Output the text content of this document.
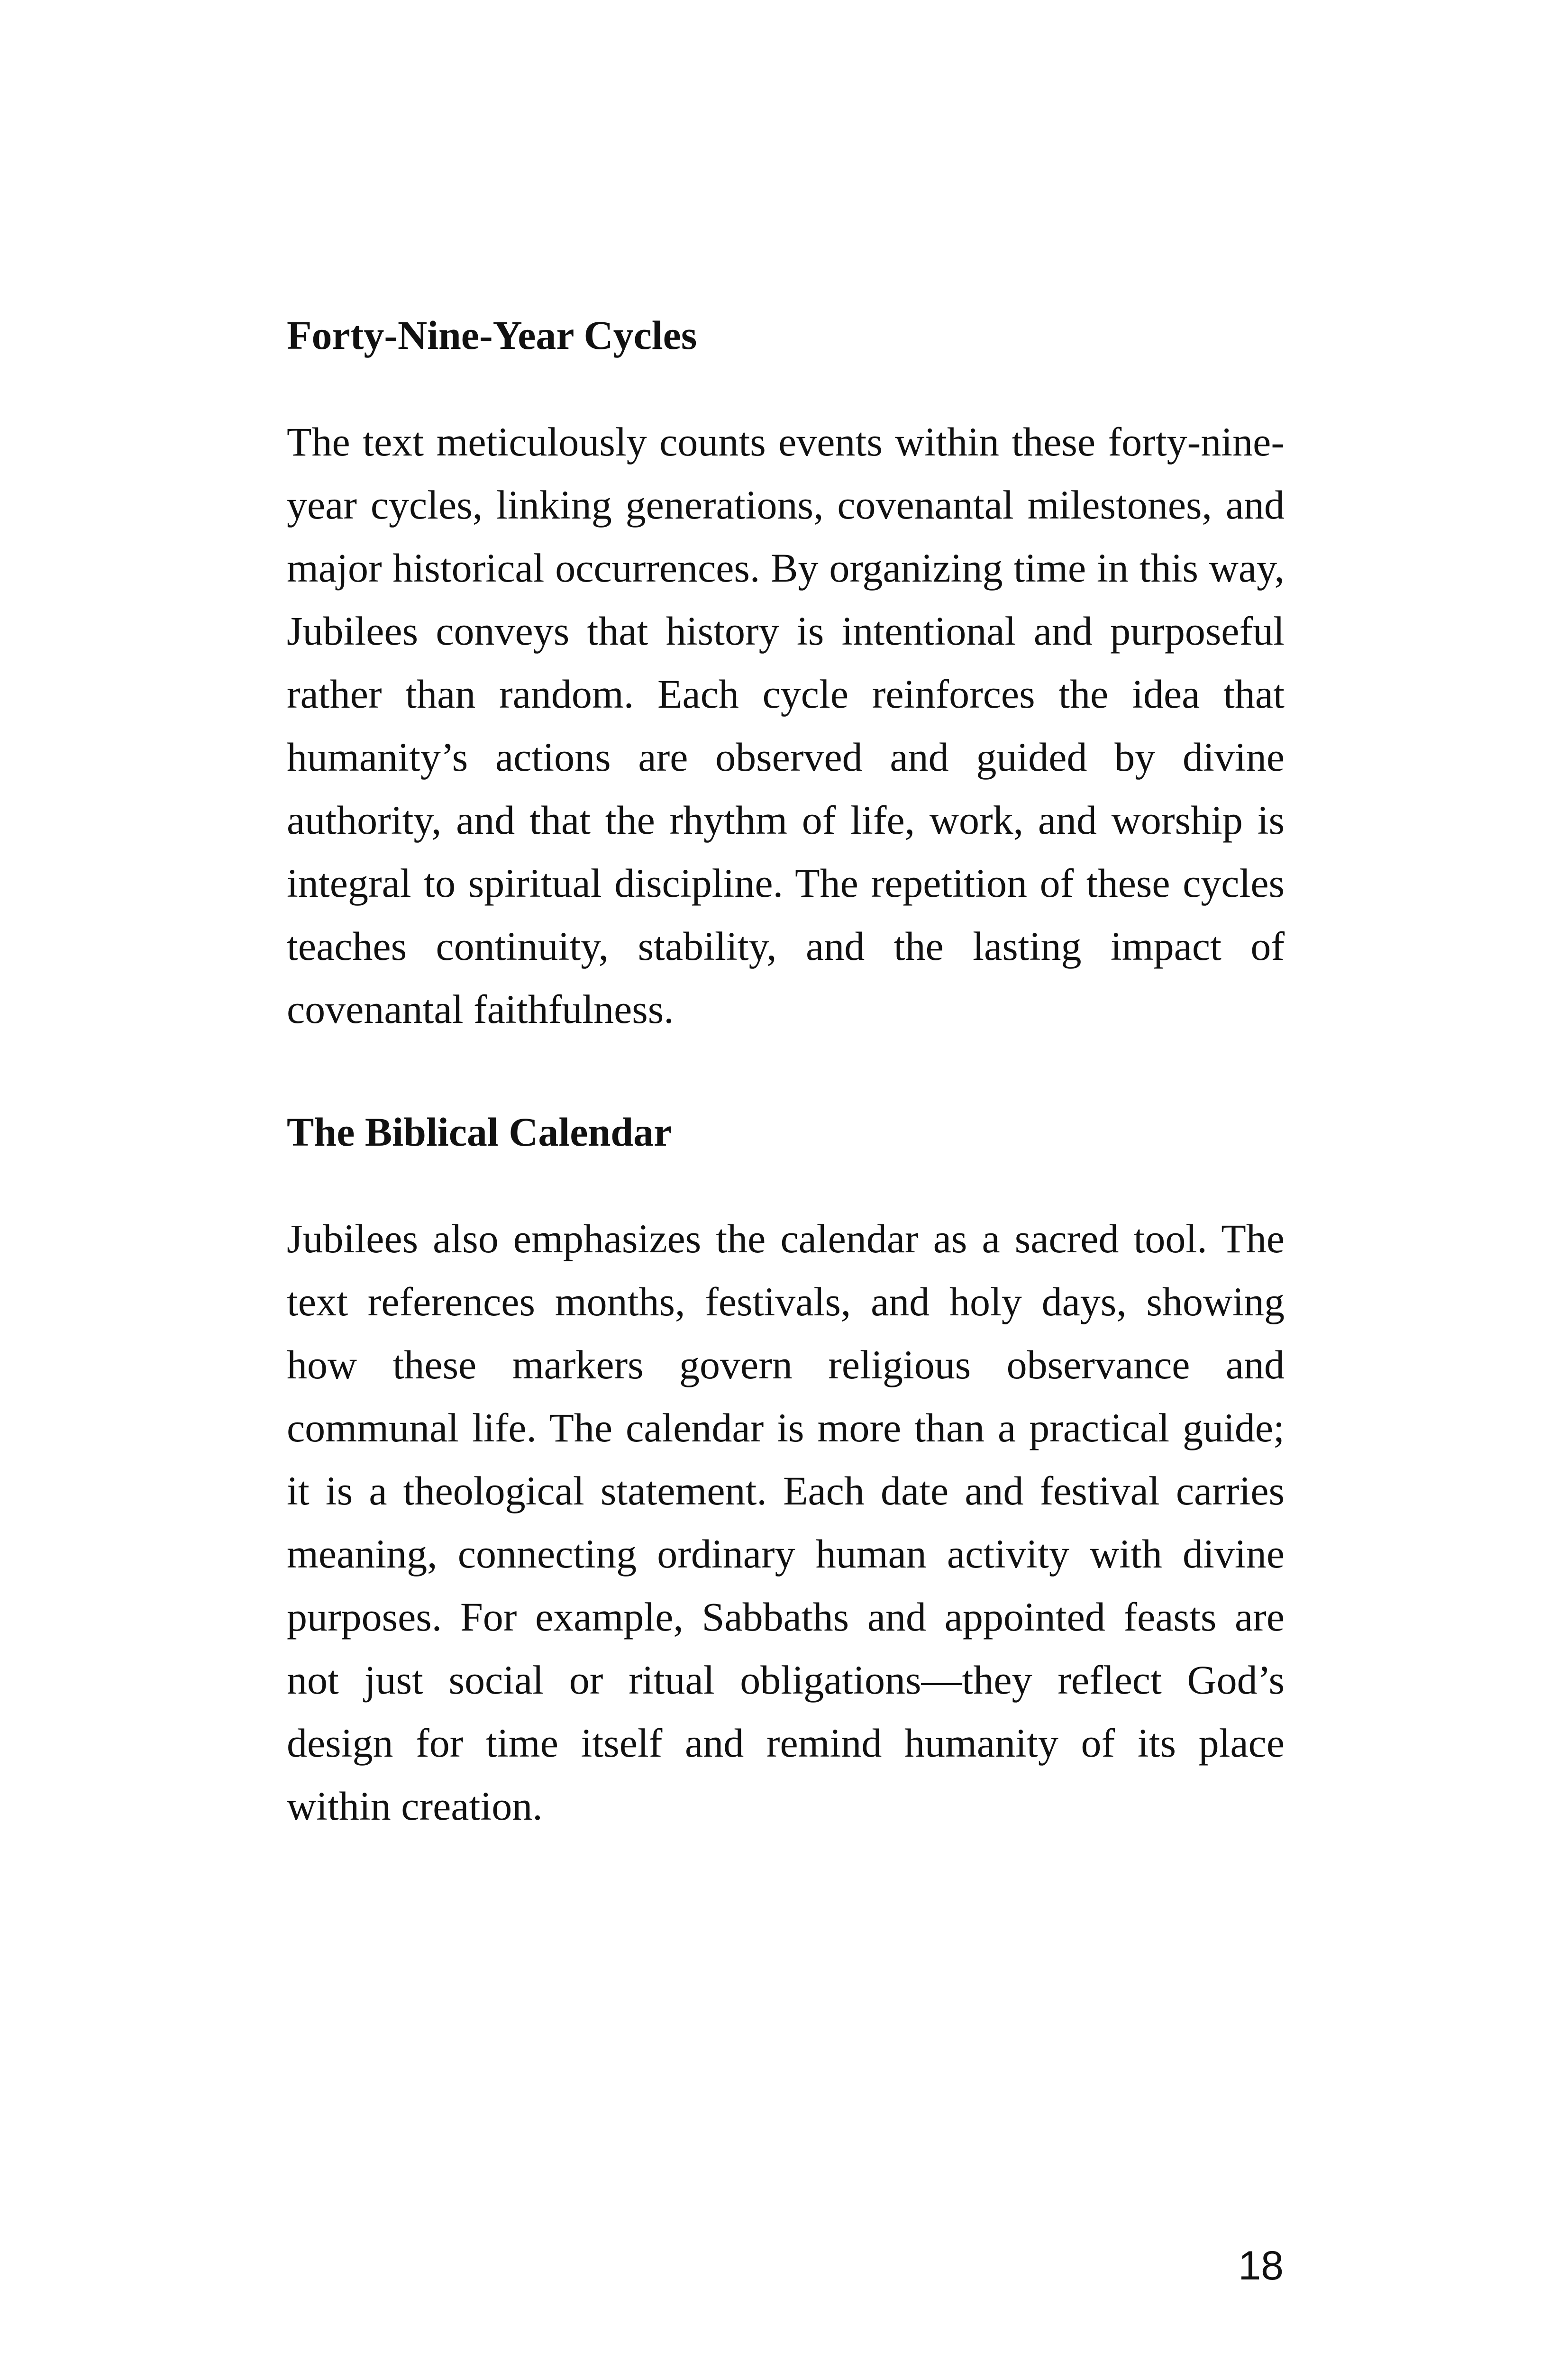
Forty-Nine-Year Cycles

The text meticulously counts events within these forty-nine-year cycles, linking generations, covenantal milestones, and major historical occurrences. By organizing time in this way, Jubilees conveys that history is intentional and purposeful rather than random. Each cycle reinforces the idea that humanity’s actions are observed and guided by divine authority, and that the rhythm of life, work, and worship is integral to spiritual discipline. The repetition of these cycles teaches continuity, stability, and the lasting impact of covenantal faithfulness.

The Biblical Calendar

Jubilees also emphasizes the calendar as a sacred tool. The text references months, festivals, and holy days, showing how these markers govern religious observance and communal life. The calendar is more than a practical guide; it is a theological statement. Each date and festival carries meaning, connecting ordinary human activity with divine purposes. For example, Sabbaths and appointed feasts are not just social or ritual obligations—they reflect God’s design for time itself and remind humanity of its place within creation.

18
